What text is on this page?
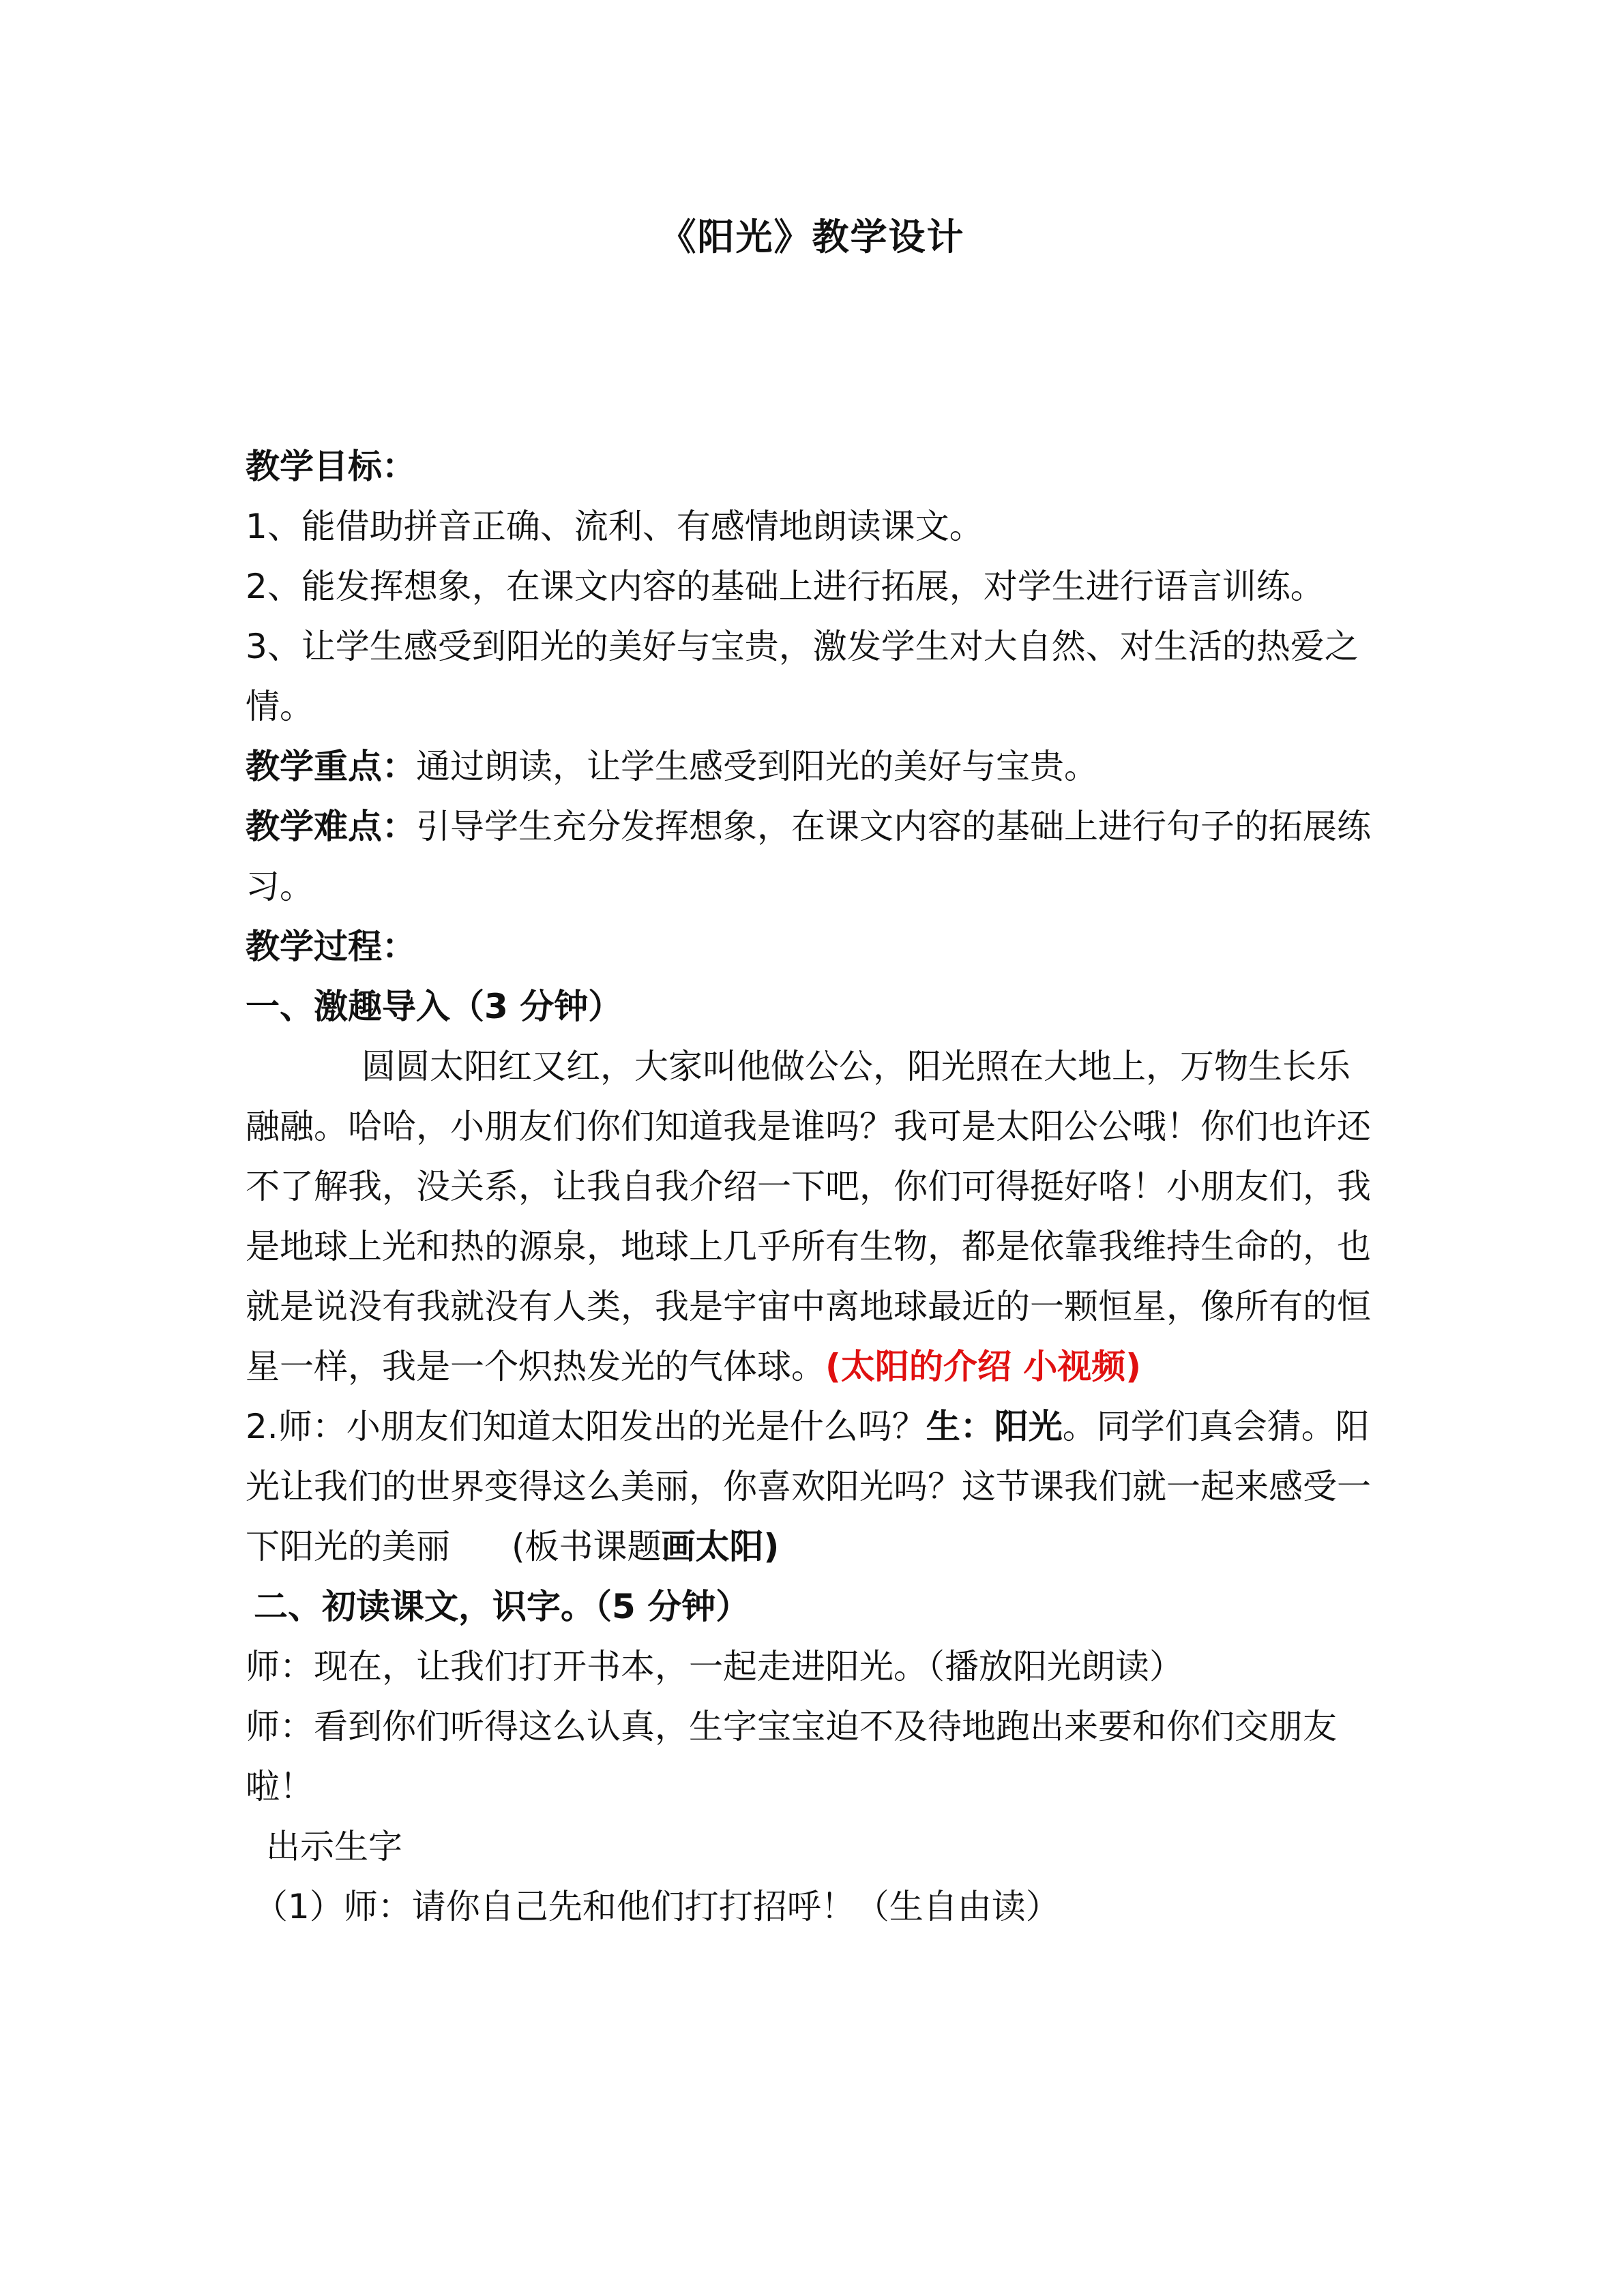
《阳光》教学设计

教学目标：

1、能借助拼音正确、流利、有感情地朗读课文。

2、能发挥想象，在课文内容的基础上进行拓展，对学生进行语言训练。

3、让学生感受到阳光的美好与宝贵，激发学生对大自然、对生活的热爱之情。

教学重点：通过朗读，让学生感受到阳光的美好与宝贵。

教学难点：引导学生充分发挥想象，在课文内容的基础上进行句子的拓展练习。

教学过程：

一、激趣导入（3 分钟）

圆圆太阳红又红，大家叫他做公公，阳光照在大地上，万物生长乐融融。哈哈，小朋友们你们知道我是谁吗？我可是太阳公公哦！你们也许还不了解我，没关系，让我自我介绍一下吧，你们可得挺好咯！小朋友们，我是地球上光和热的源泉，地球上几乎所有生物，都是依靠我维持生命的，也就是说没有我就没有人类，我是宇宙中离地球最近的一颗恒星，像所有的恒星一样，我是一个炽热发光的气体球。(太阳的介绍 小视频)

2.师：小朋友们知道太阳发出的光是什么吗？生：阳光。同学们真会猜。阳光让我们的世界变得这么美丽，你喜欢阳光吗？这节课我们就一起来感受一下阳光的美丽 (板书课题画太阳)

二、初读课文，识字。（5 分钟）

师：现在，让我们打开书本，一起走进阳光。（播放阳光朗读）

师：看到你们听得这么认真，生字宝宝迫不及待地跑出来要和你们交朋友啦！

出示生字

（1）师：请你自己先和他们打打招呼！（生自由读）
